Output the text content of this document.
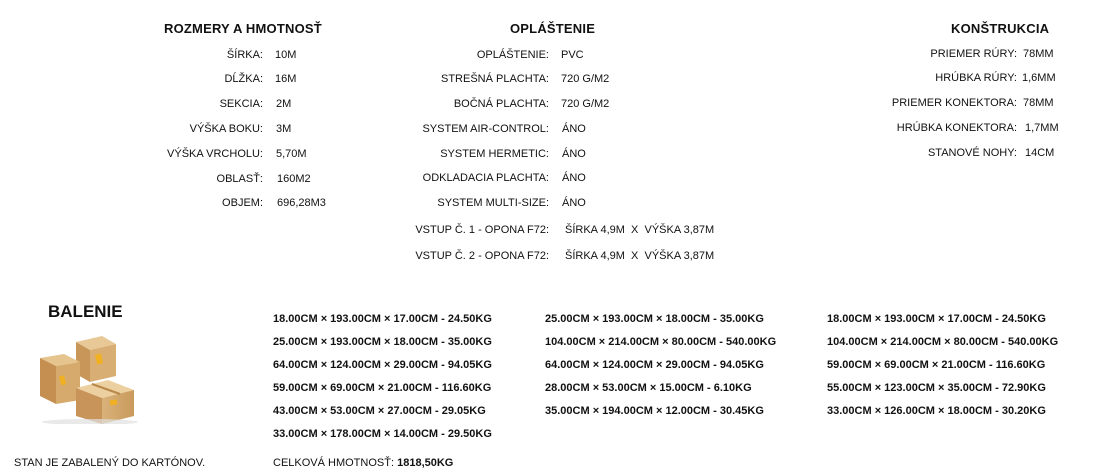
ROZMERY A HMOTNOSŤ	OPLÁŠTENIE	KONŠTRUKCIA
ŠÍRKA: 10M
DĹŽKA: 16M
SEKCIA: 2M
VÝŠKA BOKU: 3M
VÝŠKA VRCHOLU: 5,70M
OBLASŤ: 160M2
OBJEM: 696,28M3
OPLÁŠTENIE: PVC
STREŠNÁ PLACHTA: 720 G/M2
BOČNÁ PLACHTA: 720 G/M2
SYSTEM AIR-CONTROL: ÁNO
SYSTEM HERMETIC: ÁNO
ODKLADACIA PLACHTA: ÁNO
SYSTEM MULTI-SIZE: ÁNO
VSTUP Č. 1 - OPONA F72: ŠÍRKA 4,9M  X  VÝŠKA 3,87M
VSTUP Č. 2 - OPONA F72: ŠÍRKA 4,9M  X  VÝŠKA 3,87M
PRIEMER RÚRY: 78MM
HRÚBKA RÚRY: 1,6MM
PRIEMER KONEKTORA: 78MM
HRÚBKA KONEKTORA: 1,7MM
STANOVÉ NOHY: 14CM
BALENIE	18.00CM × 193.00CM × 17.00CM - 24.50KG
25.00CM × 193.00CM × 18.00CM - 35.00KG
64.00CM × 124.00CM × 29.00CM - 94.05KG
59.00CM × 69.00CM × 21.00CM - 116.60KG
43.00CM × 53.00CM × 27.00CM - 29.05KG
33.00CM × 178.00CM × 14.00CM - 29.50KG
25.00CM × 193.00CM × 18.00CM - 35.00KG
104.00CM × 214.00CM × 80.00CM - 540.00KG
64.00CM × 124.00CM × 29.00CM - 94.05KG
28.00CM × 53.00CM × 15.00CM - 6.10KG
35.00CM × 194.00CM × 12.00CM - 30.45KG
18.00CM × 193.00CM × 17.00CM - 24.50KG
104.00CM × 214.00CM × 80.00CM - 540.00KG
59.00CM × 69.00CM × 21.00CM - 116.60KG
55.00CM × 123.00CM × 35.00CM - 72.90KG
33.00CM × 126.00CM × 18.00CM - 30.20KG
STAN JE ZABALENÝ DO KARTÓNOV.	CELKOVÁ HMOTNOSŤ: 1818,50KG
